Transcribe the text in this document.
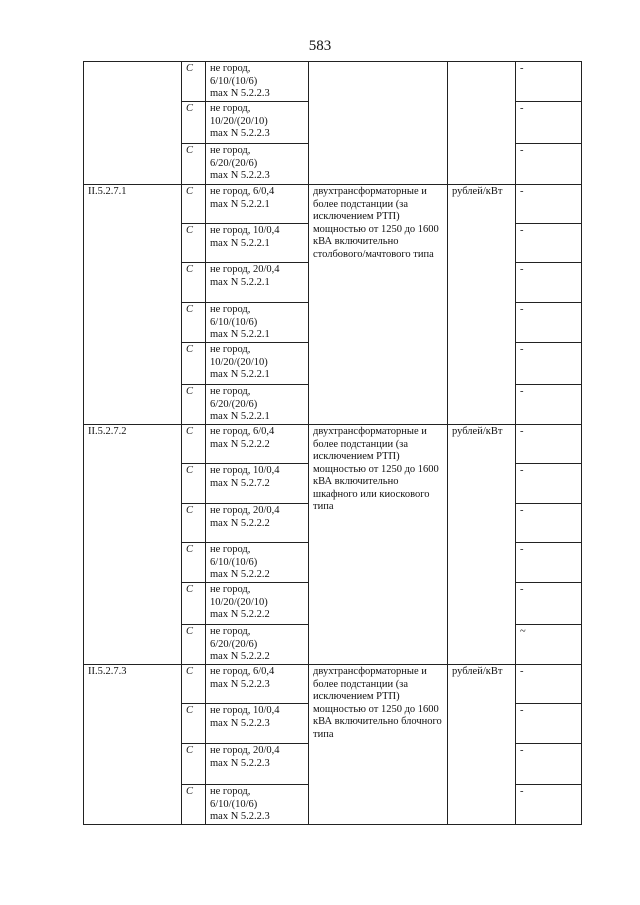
583
	C	не город,
6/10/(10/6)
max N 5.2.2.3			-
	C	не город,
10/20/(20/10)
max N 5.2.2.3			-
	C	не город,
6/20/(20/6)
max N 5.2.2.3			-
II.5.2.7.1	C	не город, 6/0,4
max N 5.2.2.1	двухтрансформаторные и более подстанции (за исключением РТП) мощностью от 1250 до 1600 кВА включительно столбового/мачтового типа	рублей/кВт	-
	C	не город, 10/0,4
max N 5.2.2.1			-
	C	не город, 20/0,4
max N 5.2.2.1			-
	C	не город,
6/10/(10/6)
max N 5.2.2.1			-
	C	не город,
10/20/(20/10)
max N 5.2.2.1			-
	C	не город,
6/20/(20/6)
max N 5.2.2.1			-
II.5.2.7.2	C	не город, 6/0,4
max N 5.2.2.2	двухтрансформаторные и более подстанции (за исключением РТП) мощностью от 1250 до 1600 кВА включительно шкафного или киоскового типа	рублей/кВт	-
	C	не город, 10/0,4
max N 5.2.7.2			-
	C	не город, 20/0,4
max N 5.2.2.2			-
	C	не город,
6/10/(10/6)
max N 5.2.2.2			-
	C	не город,
10/20/(20/10)
max N 5.2.2.2			-
	C	не город,
6/20/(20/6)
max N 5.2.2.2			~
II.5.2.7.3	C	не город, 6/0,4
max N 5.2.2.3	двухтрансформаторные и более подстанции (за исключением РТП) мощностью от 1250 до 1600 кВА включительно блочного типа	рублей/кВт	-
	C	не город, 10/0,4
max N 5.2.2.3			-
	C	не город, 20/0,4
max N 5.2.2.3			-
	C	не город,
6/10/(10/6)
max N 5.2.2.3			-
